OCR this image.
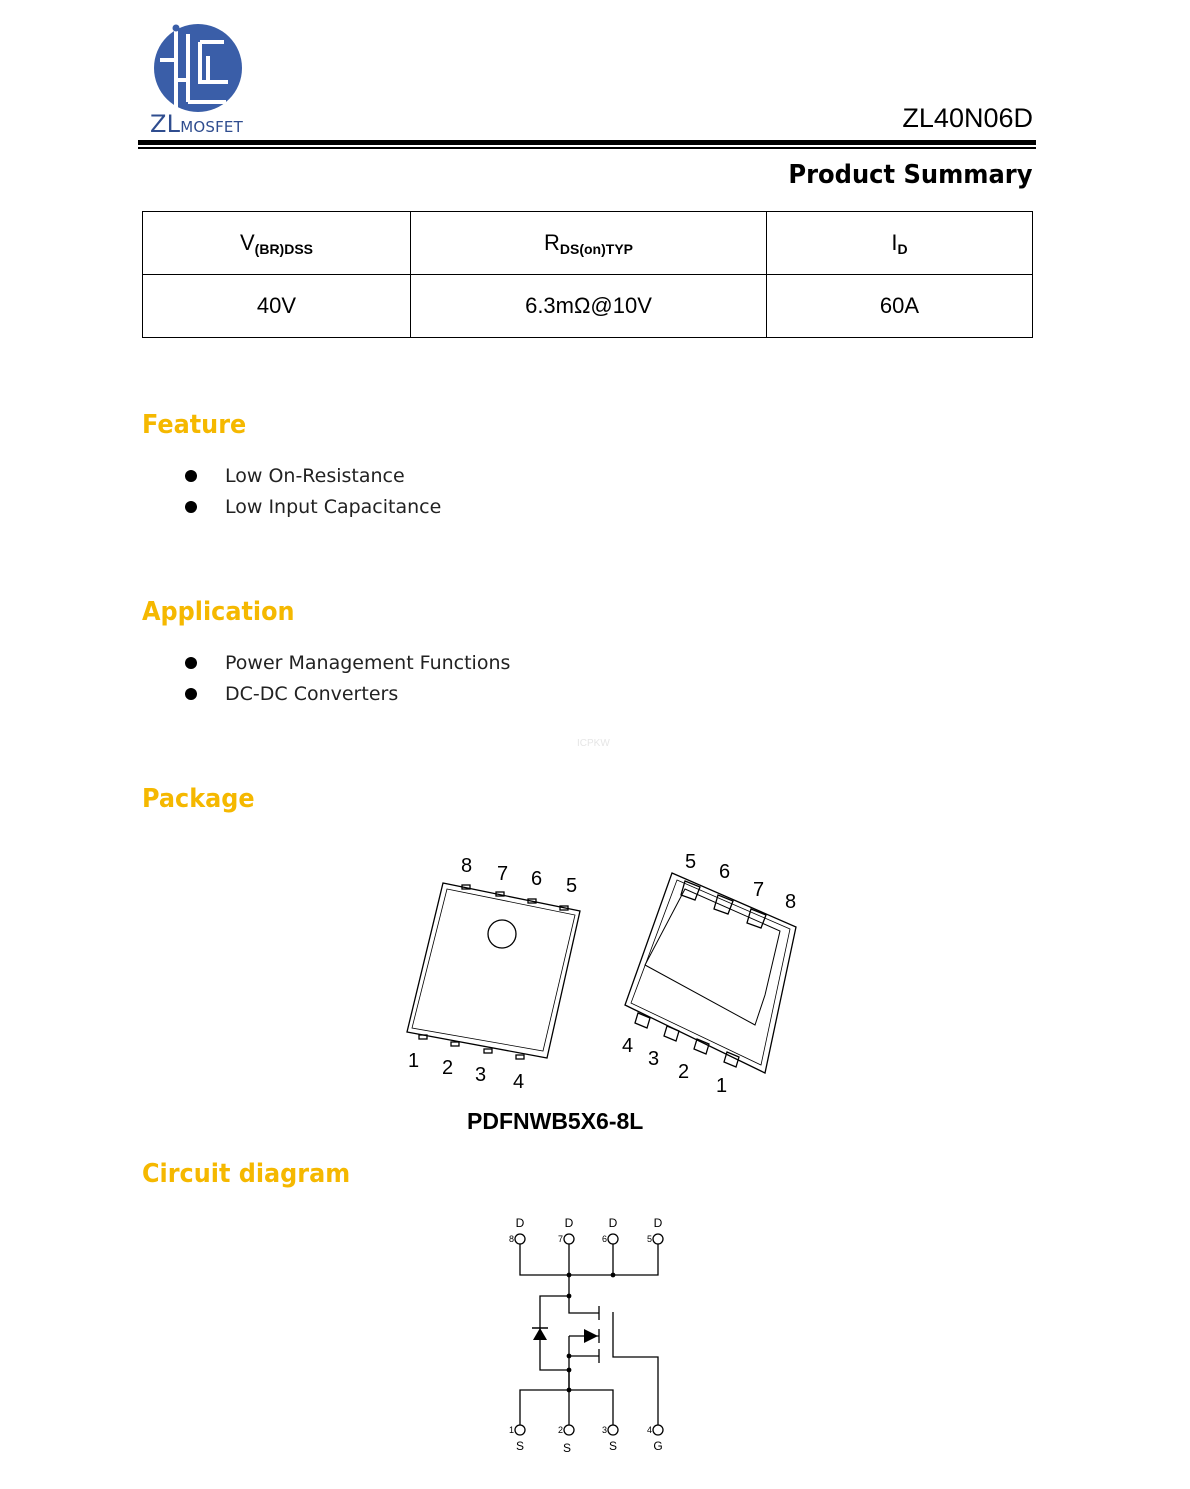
ZLMOSFET	ZL40N06D
Product Summary
$V_{(BR)DSS}$	$R_{DS(on)TYP}$	$I_D$
40V	6.3mΩ@10V	60A
Feature
Low On-Resistance
Low Input Capacitance
Application
Power Management Functions
DC-DC Converters
ICPKW
Package
8 7 6 5
1 2 3 4
5 6
7
8
4
3
2
1
PDFNWB5X6-8L
Circuit diagram
D	D	D	D
S	S	S	G
8	7	6	5
1	2	3	4
